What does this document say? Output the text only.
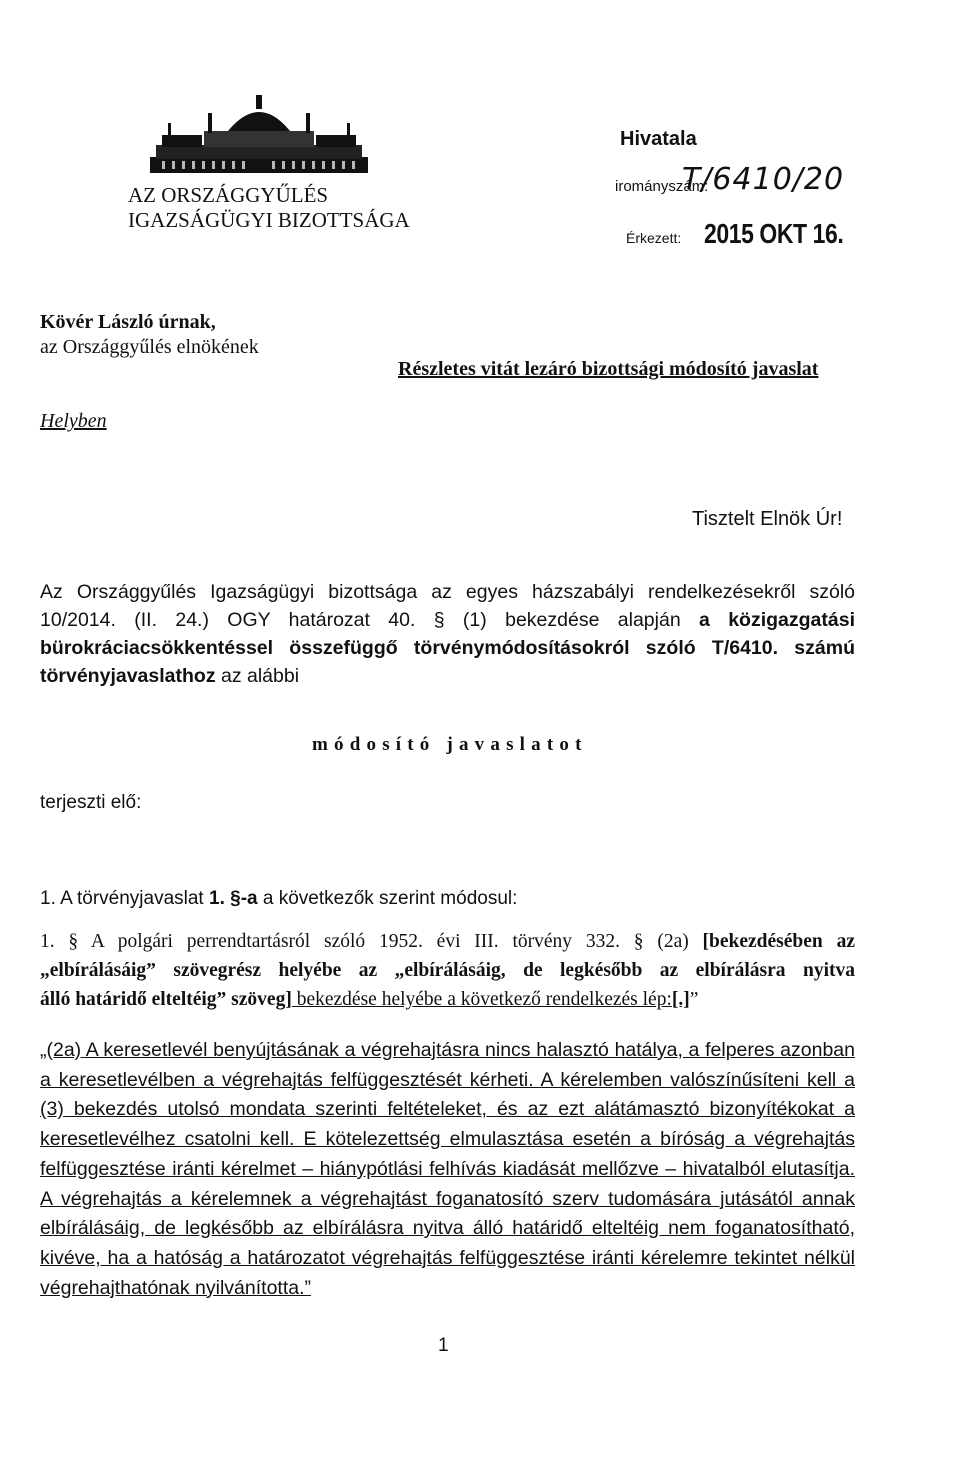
AZ ORSZÁGGYŰLÉS
IGAZSÁGÜGYI BIZOTTSÁGA
Hivatala
irományszám:
T/6410/20
Érkezett: 2015 OKT 16.
Kövér László úrnak,
az Országgyűlés elnökének
Részletes vitát lezáró bizottsági módosító javaslat
Helyben
Tisztelt Elnök Úr!
Az Országgyűlés Igazságügyi bizottsága az egyes házszabályi rendelkezésekről szóló
10/2014. (II. 24.) OGY határozat 40. § (1) bekezdése alapján a közigazgatási
bürokráciacsökkentéssel összefüggő törvénymódosításokról szóló T/6410. számú
törvényjavaslathoz az alábbi
módosító javaslatot
terjeszti elő:
1. A törvényjavaslat 1. §-a a következők szerint módosul:
1. § A polgári perrendtartásról szóló 1952. évi III. törvény 332. § (2a) [bekezdésében az
„elbírálásáig” szövegrész helyébe az „elbírálásáig, de legkésőbb az elbírálásra nyitva
álló határidő elteltéig” szöveg] bekezdése helyébe a következő rendelkezés lép:[.]”
„(2a) A keresetlevél benyújtásának a végrehajtásra nincs halasztó hatálya, a felperes azonban
a keresetlevélben a végrehajtás felfüggesztését kérheti. A kérelemben valószínűsíteni kell a
(3) bekezdés utolsó mondata szerinti feltételeket, és az ezt alátámasztó bizonyítékokat a
keresetlevélhez csatolni kell. E kötelezettség elmulasztása esetén a bíróság a végrehajtás
felfüggesztése iránti kérelmet – hiánypótlási felhívás kiadását mellőzve – hivatalból elutasítja.
A végrehajtás a kérelemnek a végrehajtást foganatosító szerv tudomására jutásától annak
elbírálásáig, de legkésőbb az elbírálásra nyitva álló határidő elteltéig nem foganatosítható,
kivéve, ha a hatóság a határozatot végrehajtás felfüggesztése iránti kérelemre tekintet nélkül
végrehajthatónak nyilvánította.”
1
